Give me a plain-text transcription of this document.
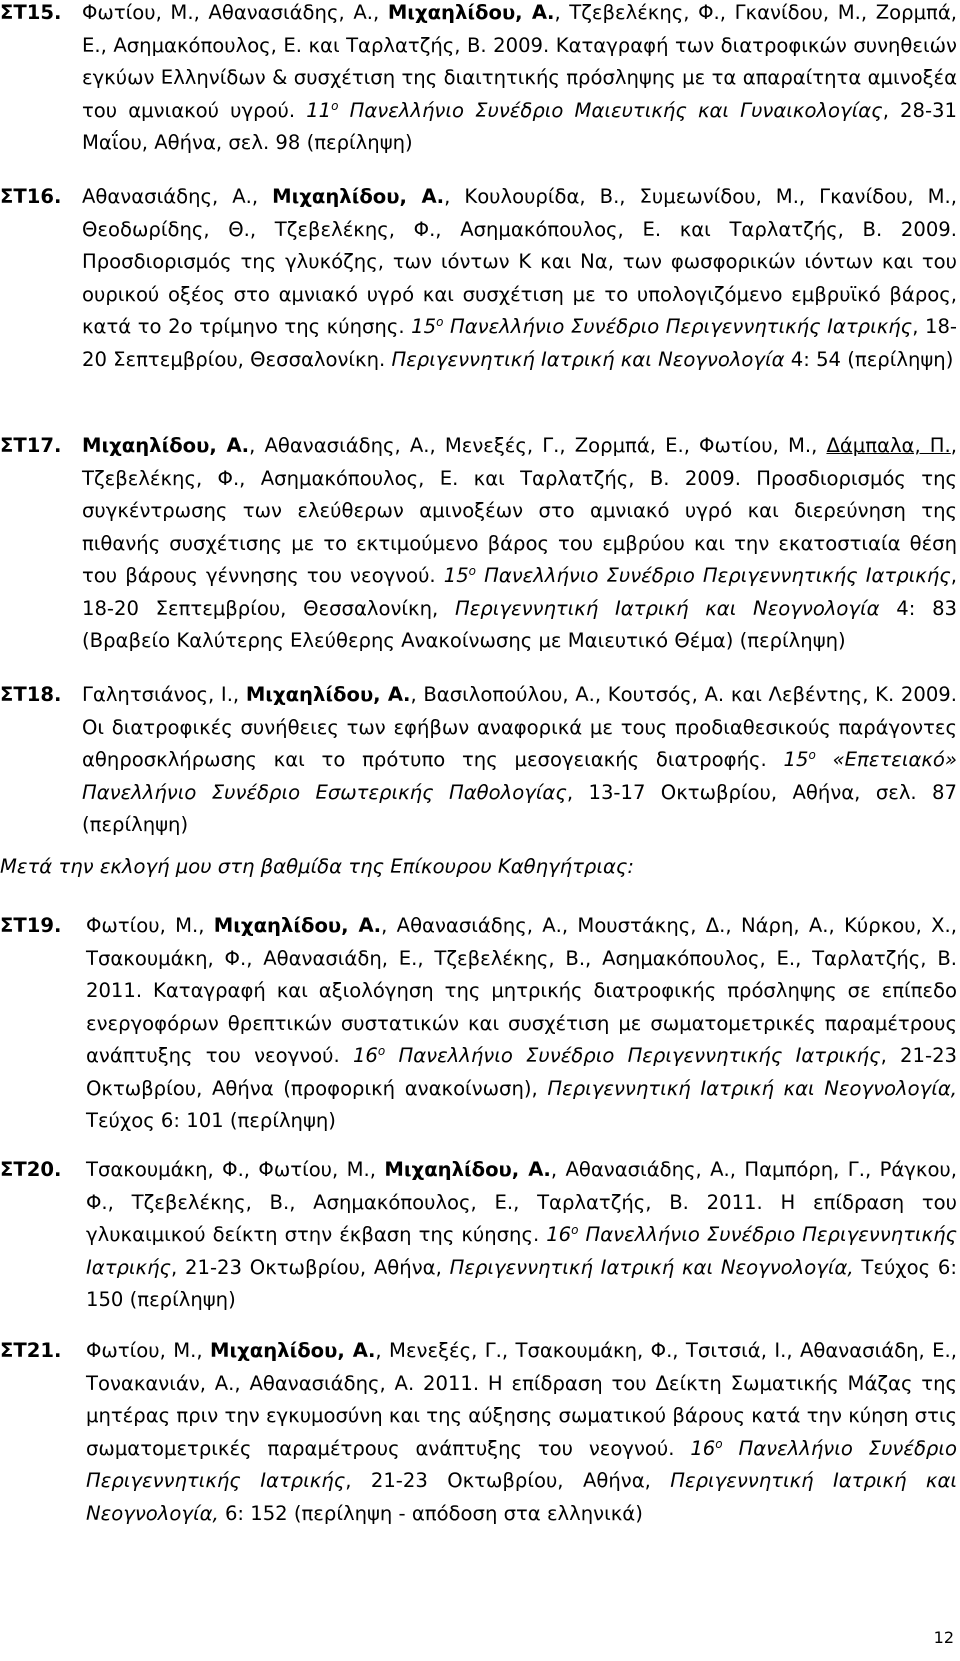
ΣΤ15. Φωτίου, Μ., Αθανασιάδης, Α., Μιχαηλίδου, Α., Τζεβελέκης, Φ., Γκανίδου, Μ., Ζορμπά, Ε., Ασημακόπουλος, Ε. και Ταρλατζής, Β. 2009. Καταγραφή των διατροφικών συνηθειών εγκύων Ελληνίδων & συσχέτιση της διαιτητικής πρόσληψης με τα απαραίτητα αμινοξέα του αμνιακού υγρού. $11^o$ Πανελλήνιο Συνέδριο Μαιευτικής και Γυναικολογίας, 28-31 Μαΐου, Αθήνα, σελ. 98 (περίληψη)
ΣΤ16. Αθανασιάδης, Α., Μιχαηλίδου, Α., Κουλουρίδα, Β., Συμεωνίδου, Μ., Γκανίδου, Μ., Θεοδωρίδης, Θ., Τζεβελέκης, Φ., Ασημακόπουλος, Ε. και Ταρλατζής, Β. 2009. Προσδιορισμός της γλυκόζης, των ιόντων Κ και Να, των φωσφορικών ιόντων και του ουρικού οξέος στο αμνιακό υγρό και συσχέτιση με το υπολογιζόμενο εμβρυϊκό βάρος, κατά το 2ο τρίμηνο της κύησης. $15^o$ Πανελλήνιο Συνέδριο Περιγεννητικής Ιατρικής, 18-20 Σεπτεμβρίου, Θεσσαλονίκη. Περιγεννητική Ιατρική και Νεογνολογία 4: 54 (περίληψη)
ΣΤ17. Μιχαηλίδου, Α., Αθανασιάδης, Α., Μενεξές, Γ., Ζορμπά, Ε., Φωτίου, Μ., Δάμπαλα, Π., Τζεβελέκης, Φ., Ασημακόπουλος, Ε. και Ταρλατζής, Β. 2009. Προσδιορισμός της συγκέντρωσης των ελεύθερων αμινοξέων στο αμνιακό υγρό και διερεύνηση της πιθανής συσχέτισης με το εκτιμούμενο βάρος του εμβρύου και την εκατοστιαία θέση του βάρους γέννησης του νεογνού. $15^o$ Πανελλήνιο Συνέδριο Περιγεννητικής Ιατρικής, 18-20 Σεπτεμβρίου, Θεσσαλονίκη, Περιγεννητική Ιατρική και Νεογνολογία 4: 83 (Βραβείο Καλύτερης Ελεύθερης Ανακοίνωσης με Μαιευτικό Θέμα) (περίληψη)
ΣΤ18. Γαλητσιάνος, Ι., Μιχαηλίδου, Α., Βασιλοπούλου, Α., Κουτσός, Α. και Λεβέντης, Κ. 2009. Οι διατροφικές συνήθειες των εφήβων αναφορικά με τους προδιαθεσικούς παράγοντες αθηροσκλήρωσης και το πρότυπο της μεσογειακής διατροφής. $15^o$ «Επετειακό» Πανελλήνιο Συνέδριο Εσωτερικής Παθολογίας, 13-17 Οκτωβρίου, Αθήνα, σελ. 87 (περίληψη)
Μετά την εκλογή μου στη βαθμίδα της Επίκουρου Καθηγήτριας:
ΣΤ19. Φωτίου, Μ., Μιχαηλίδου, Α., Αθανασιάδης, Α., Μουστάκης, Δ., Νάρη, Α., Κύρκου, Χ., Τσακουμάκη, Φ., Αθανασιάδη, Ε., Τζεβελέκης, Β., Ασημακόπουλος, Ε., Ταρλατζής, Β. 2011. Καταγραφή και αξιολόγηση της μητρικής διατροφικής πρόσληψης σε επίπεδο ενεργοφόρων θρεπτικών συστατικών και συσχέτιση με σωματομετρικές παραμέτρους ανάπτυξης του νεογνού. $16^o$ Πανελλήνιο Συνέδριο Περιγεννητικής Ιατρικής, 21-23 Οκτωβρίου, Αθήνα (προφορική ανακοίνωση), Περιγεννητική Ιατρική και Νεογνολογία, Τεύχος 6: 101 (περίληψη)
ΣΤ20. Τσακουμάκη, Φ., Φωτίου, Μ., Μιχαηλίδου, Α., Αθανασιάδης, Α., Παμπόρη, Γ., Ράγκου, Φ., Τζεβελέκης, Β., Ασημακόπουλος, Ε., Ταρλατζής, Β. 2011. Η επίδραση του γλυκαιμικού δείκτη στην έκβαση της κύησης. $16^o$ Πανελλήνιο Συνέδριο Περιγεννητικής Ιατρικής, 21-23 Οκτωβρίου, Αθήνα, Περιγεννητική Ιατρική και Νεογνολογία, Τεύχος 6: 150 (περίληψη)
ΣΤ21. Φωτίου, Μ., Μιχαηλίδου, Α., Μενεξές, Γ., Τσακουμάκη, Φ., Τσιτσιά, Ι., Αθανασιάδη, Ε., Τονακανιάν, Α., Αθανασιάδης, Α. 2011. Η επίδραση του Δείκτη Σωματικής Μάζας της μητέρας πριν την εγκυμοσύνη και της αύξησης σωματικού βάρους κατά την κύηση στις σωματομετρικές παραμέτρους ανάπτυξης του νεογνού. $16^o$ Πανελλήνιο Συνέδριο Περιγεννητικής Ιατρικής, 21-23 Οκτωβρίου, Αθήνα, Περιγεννητική Ιατρική και Νεογνολογία, 6: 152 (περίληψη - απόδοση στα ελληνικά)
12
